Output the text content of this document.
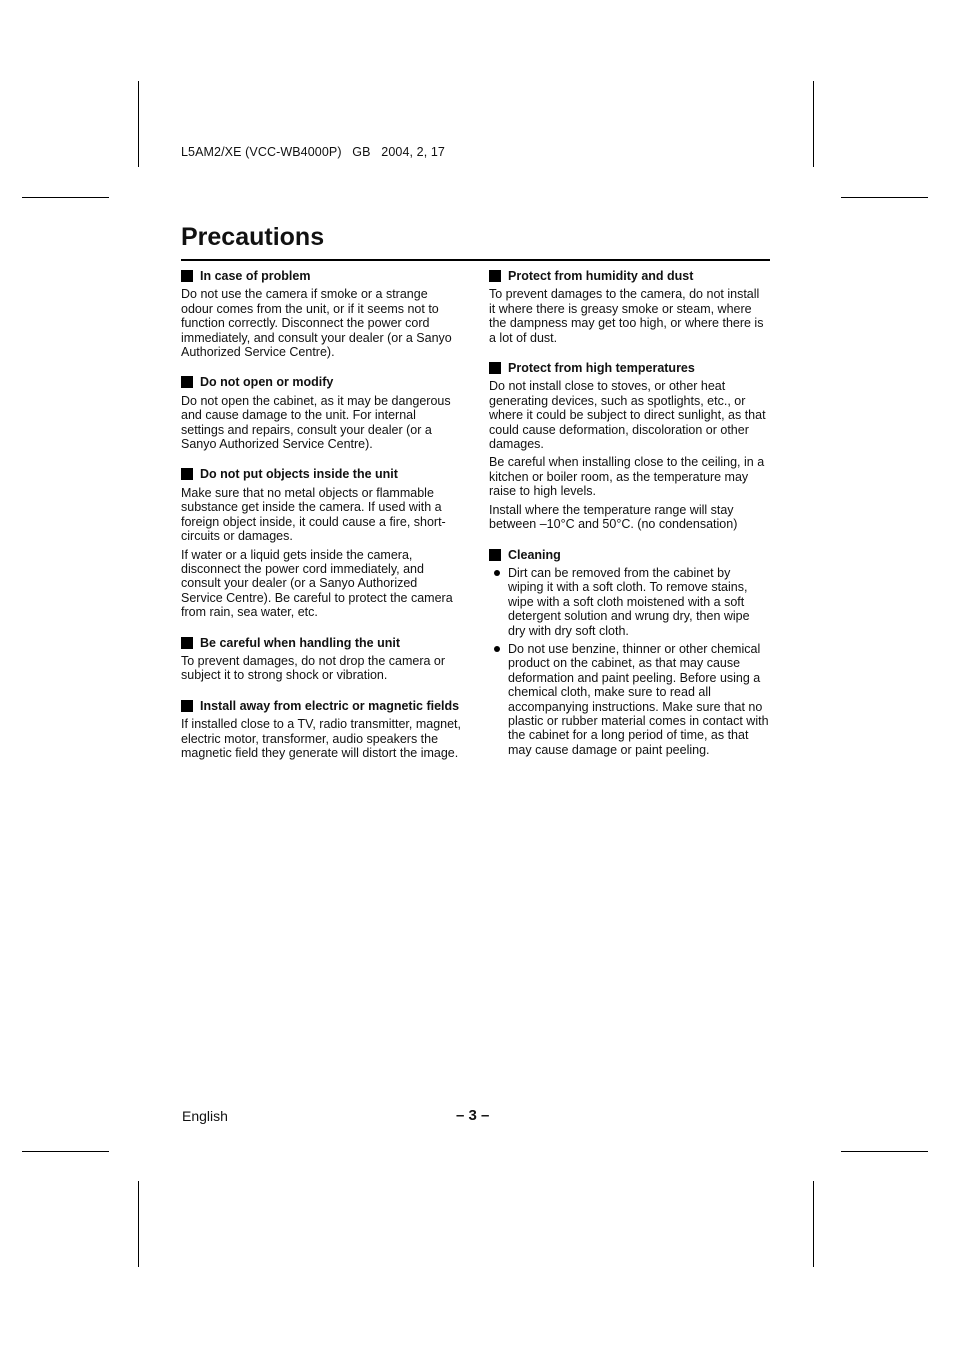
L5AM2/XE (VCC-WB4000P)   GB   2004, 2, 17
Precautions
In case of problem

Do not use the camera if smoke or a strange odour comes from the unit, or if it seems not to function correctly. Disconnect the power cord immediately, and consult your dealer (or a Sanyo Authorized Service Centre).

Do not open or modify

Do not open the cabinet, as it may be dangerous and cause damage to the unit. For internal settings and repairs, consult your dealer (or a Sanyo Authorized Service Centre).

Do not put objects inside the unit

Make sure that no metal objects or flammable substance get inside the camera. If used with a foreign object inside, it could cause a fire, short-circuits or damages.

If water or a liquid gets inside the camera, disconnect the power cord immediately, and consult your dealer (or a Sanyo Authorized Service Centre). Be careful to protect the camera from rain, sea water, etc.

Be careful when handling the unit

To prevent damages, do not drop the camera or subject it to strong shock or vibration.

Install away from electric or magnetic fields

If installed close to a TV, radio transmitter, magnet, electric motor, transformer, audio speakers the magnetic field they generate will distort the image.

Protect from humidity and dust

To prevent damages to the camera, do not install it where there is greasy smoke or steam, where the dampness may get too high, or where there is a lot of dust.

Protect from high temperatures

Do not install close to stoves, or other heat generating devices, such as spotlights, etc., or where it could be subject to direct sunlight, as that could cause deformation, discoloration or other damages.

Be careful when installing close to the ceiling, in a kitchen or boiler room, as the temperature may raise to high levels.

Install where the temperature range will stay between –10°C and 50°C. (no condensation)

Cleaning
Dirt can be removed from the cabinet by wiping it with a soft cloth. To remove stains, wipe with a soft cloth moistened with a soft detergent solution and wrung dry, then wipe dry with dry soft cloth.
Do not use benzine, thinner or other chemical product on the cabinet, as that may cause deformation and paint peeling. Before using a chemical cloth, make sure to read all accompanying instructions. Make sure that no plastic or rubber material comes in contact with the cabinet for a long period of time, as that may cause damage or paint peeling.
English	– 3 –
